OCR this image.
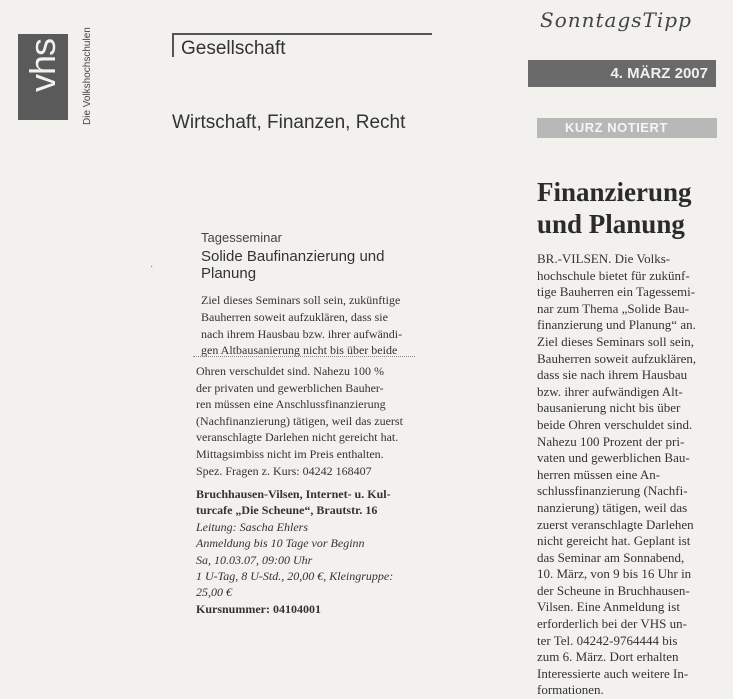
vhs Die Volkshochschulen	Gesellschaft
Wirtschaft, Finanzen, Recht
·
Tagesseminar
Solide Baufinanzierung und
Planung

Ziel dieses Seminars soll sein, zukünftige

Bauherren soweit aufzuklären, dass sie

nach ihrem Hausbau bzw. ihrer aufwändi-

gen Altbausanierung nicht bis über beide

Ohren verschuldet sind. Nahezu 100 %

der privaten und gewerblichen Bauher-

ren müssen eine Anschlussfinanzierung

(Nachfinanzierung) tätigen, weil das zuerst

veranschlagte Darlehen nicht gereicht hat.

Mittagsimbiss nicht im Preis enthalten.

Spez. Fragen z. Kurs: 04242 168407

Bruchhausen-Vilsen, Internet- u. Kul-
turcafe „Die Scheune“, Brautstr. 16
Leitung: Sascha Ehlers
Anmeldung bis 10 Tage vor Beginn
Sa, 10.03.07, 09:00 Uhr
1 U-Tag, 8 U-Std., 20,00 €, Kleingruppe:
25,00 €
Kursnummer: 04104001
SonntagsTipp
4. MÄRZ 2007
KURZ NOTIERT
Finanzierung
und Planung

BR.-VILSEN. Die Volks-

hochschule bietet für zukünf-

tige Bauherren ein Tagessemi-

nar zum Thema „Solide Bau-

finanzierung und Planung“ an.

Ziel dieses Seminars soll sein,

Bauherren soweit aufzuklären,

dass sie nach ihrem Hausbau

bzw. ihrer aufwändigen Alt-

bausanierung nicht bis über

beide Ohren verschuldet sind.

Nahezu 100 Prozent der pri-

vaten und gewerblichen Bau-

herren müssen eine An-

schlussfinanzierung (Nachfi-

nanzierung) tätigen, weil das

zuerst veranschlagte Darlehen

nicht gereicht hat. Geplant ist

das Seminar am Sonnabend,

10. März, von 9 bis 16 Uhr in

der Scheune in Bruchhausen-

Vilsen. Eine Anmeldung ist

erforderlich bei der VHS un-

ter Tel. 04242-9764444 bis

zum 6. März. Dort erhalten

Interessierte auch weitere In-

formationen.
